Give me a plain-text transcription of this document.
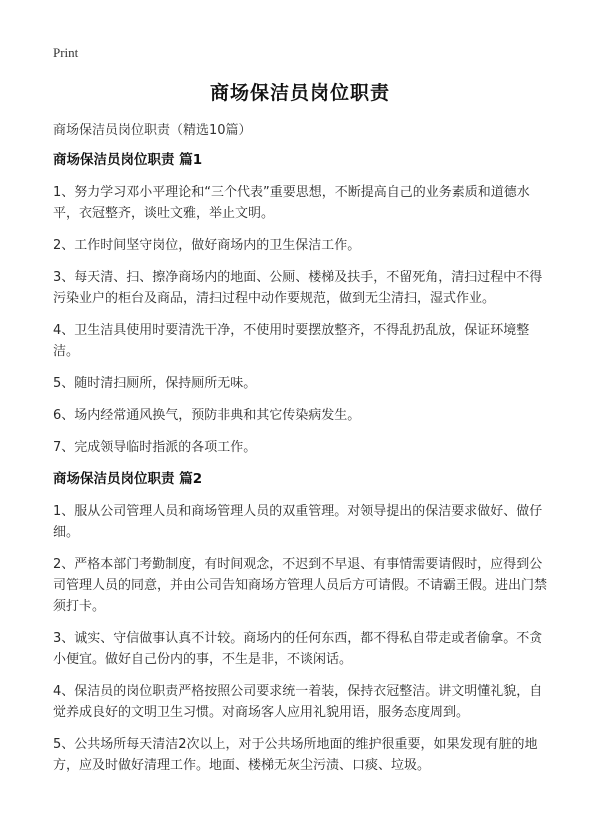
Print
商场保洁员岗位职责
商场保洁员岗位职责（精选10篇）
商场保洁员岗位职责 篇1

1、努力学习邓小平理论和“三个代表”重要思想，不断提高自己的业务素质和道德水平，衣冠整齐，谈吐文雅，举止文明。

2、工作时间坚守岗位，做好商场内的卫生保洁工作。

3、每天清、扫、擦净商场内的地面、公厕、楼梯及扶手，不留死角，清扫过程中不得污染业户的柜台及商品，清扫过程中动作要规范，做到无尘清扫，湿式作业。

4、卫生洁具使用时要清洗干净，不使用时要摆放整齐，不得乱扔乱放，保证环境整洁。

5、随时清扫厕所，保持厕所无味。

6、场内经常通风换气，预防非典和其它传染病发生。

7、完成领导临时指派的各项工作。

商场保洁员岗位职责 篇2

1、服从公司管理人员和商场管理人员的双重管理。对领导提出的保洁要求做好、做仔细。

2、严格本部门考勤制度，有时间观念，不迟到不早退、有事情需要请假时，应得到公司管理人员的同意，并由公司告知商场方管理人员后方可请假。不请霸王假。进出门禁须打卡。

3、诚实、守信做事认真不计较。商场内的任何东西，都不得私自带走或者偷拿。不贪小便宜。做好自己份内的事，不生是非，不谈闲话。

4、保洁员的岗位职责严格按照公司要求统一着装，保持衣冠整洁。讲文明懂礼貌，自觉养成良好的文明卫生习惯。对商场客人应用礼貌用语，服务态度周到。

5、公共场所每天清洁2次以上，对于公共场所地面的维护很重要，如果发现有脏的地方，应及时做好清理工作。地面、楼梯无灰尘污渍、口痰、垃圾。
